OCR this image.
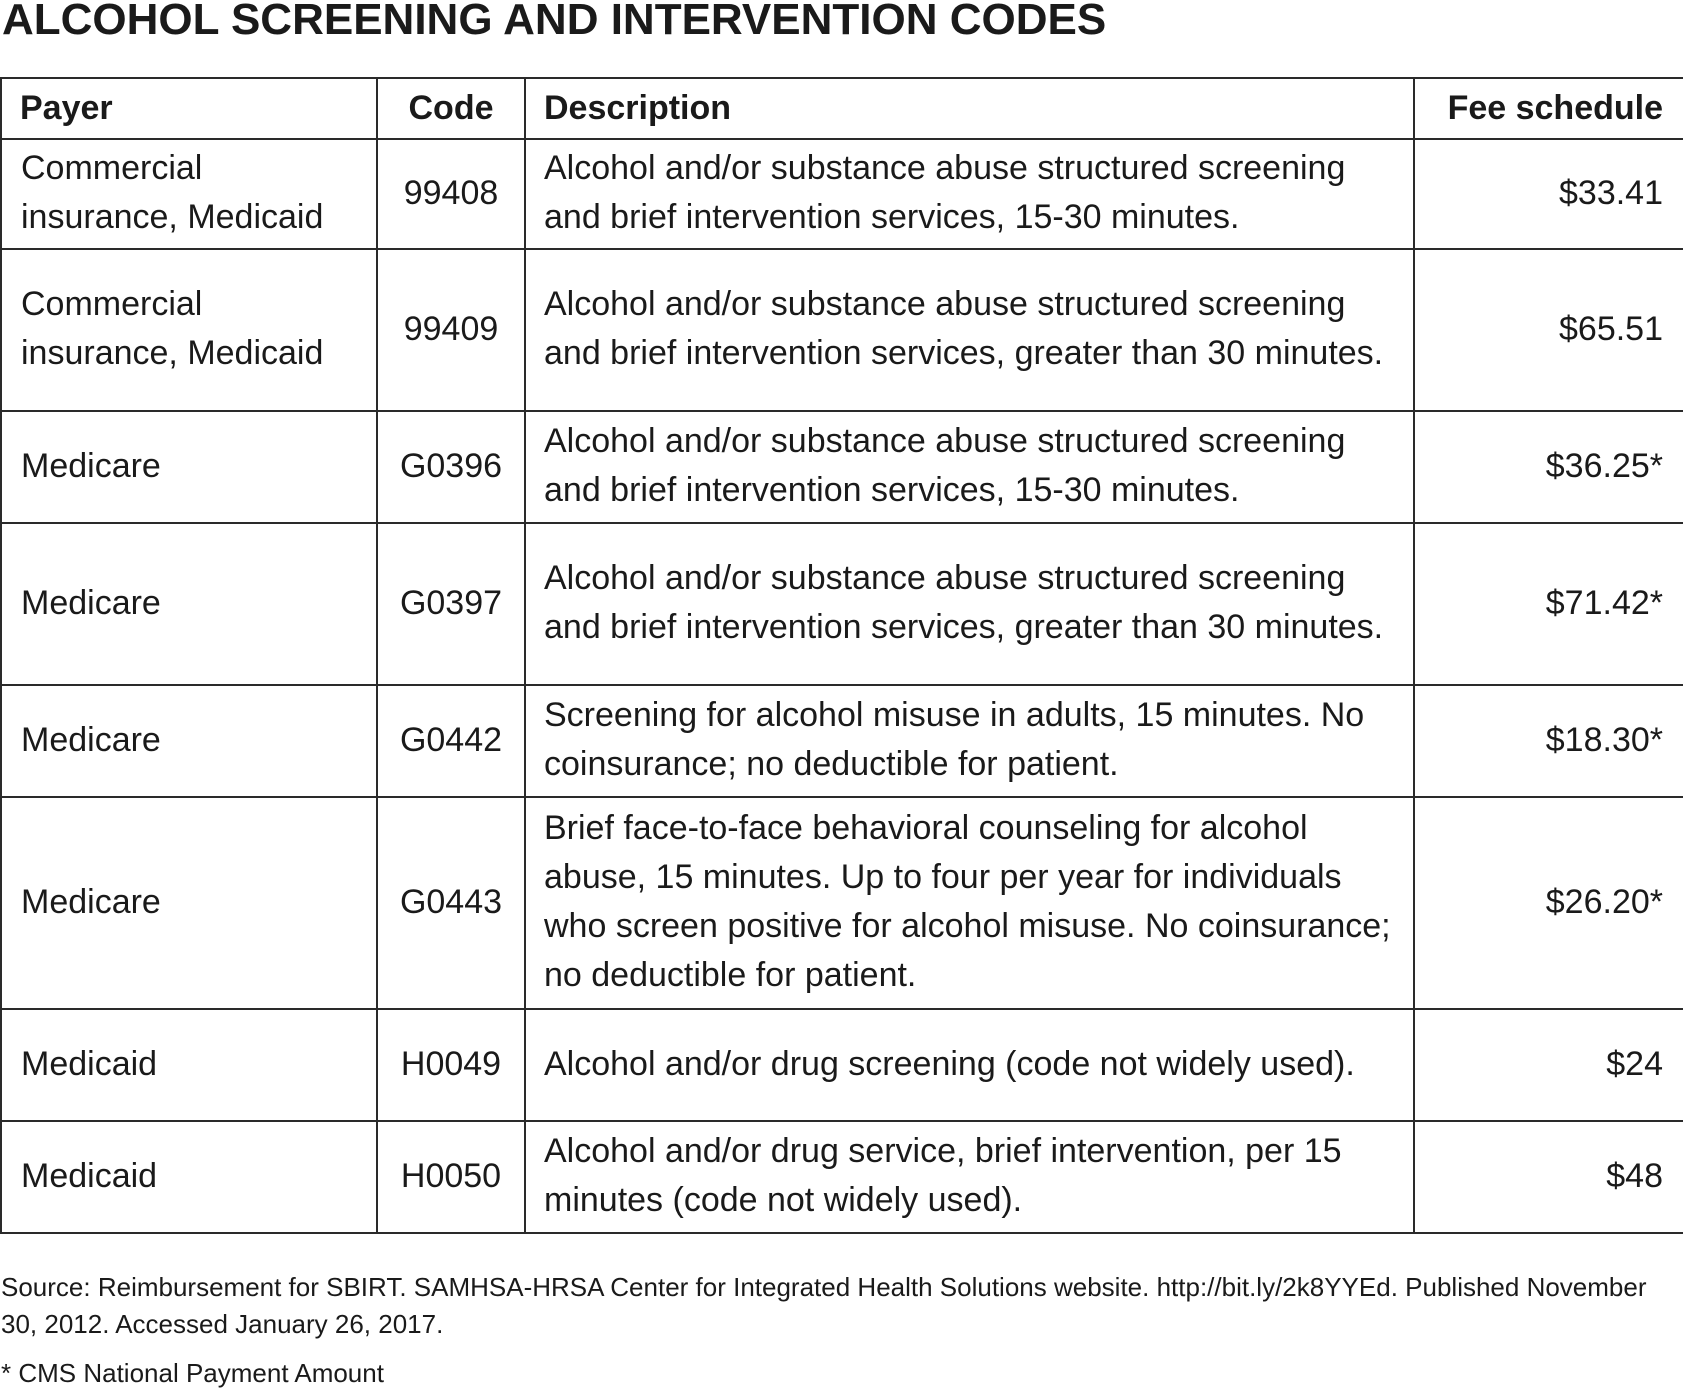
ALCOHOL SCREENING AND INTERVENTION CODES
Payer	Code	Description	Fee schedule
Commercial insurance, Medicaid	99408	Alcohol and/or substance abuse structured screening and brief intervention services, 15-30 minutes.	$33.41
Commercial insurance, Medicaid	99409	Alcohol and/or substance abuse structured screening and brief intervention services, greater than 30 minutes.	$65.51
Medicare	G0396	Alcohol and/or substance abuse structured screening and brief intervention services, 15-30 minutes.	$36.25*
Medicare	G0397	Alcohol and/or substance abuse structured screening and brief intervention services, greater than 30 minutes.	$71.42*
Medicare	G0442	Screening for alcohol misuse in adults, 15 minutes. No coinsurance; no deductible for patient.	$18.30*
Medicare	G0443	Brief face-to-face behavioral counseling for alcohol abuse, 15 minutes. Up to four per year for individuals who screen positive for alcohol misuse. No coinsurance; no deductible for patient.	$26.20*
Medicaid	H0049	Alcohol and/or drug screening (code not widely used).	$24
Medicaid	H0050	Alcohol and/or drug service, brief intervention, per 15 minutes (code not widely used).	$48

Source: Reimbursement for SBIRT. SAMHSA-HRSA Center for Integrated Health Solutions website. http://bit.ly/2k8YYEd. Published November 30, 2012. Accessed January 26, 2017.

* CMS National Payment Amount
